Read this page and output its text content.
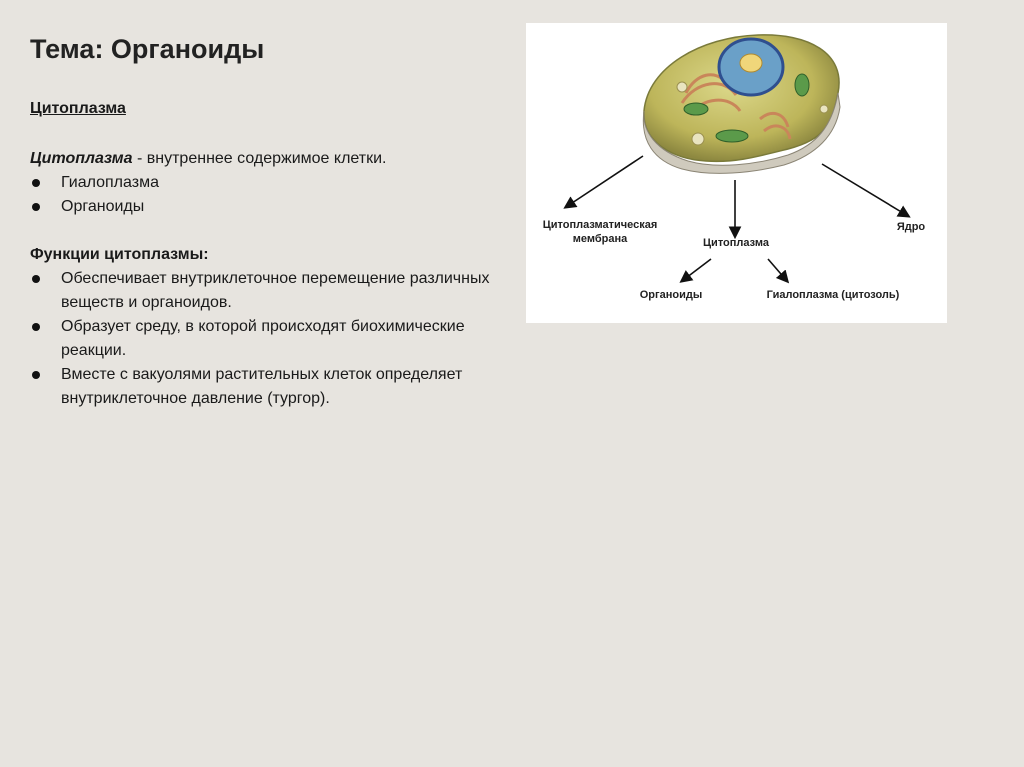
Тема: Органоиды
Цитоплазма

Цитоплазма - внутреннее содержимое клетки.

Гиалоплазма
Органоиды
Функции цитоплазмы:
Обеспечивает внутриклеточное перемещение различных веществ и органоидов.
Образует среду, в которой происходят биохимические реакции.
Вместе с вакуолями растительных клеток определяет внутриклеточное давление (тургор).
Цитоплазматическая
мембрана	Цитоплазма
Ядро
Органоиды	Гиалоплазма (цитозоль)
